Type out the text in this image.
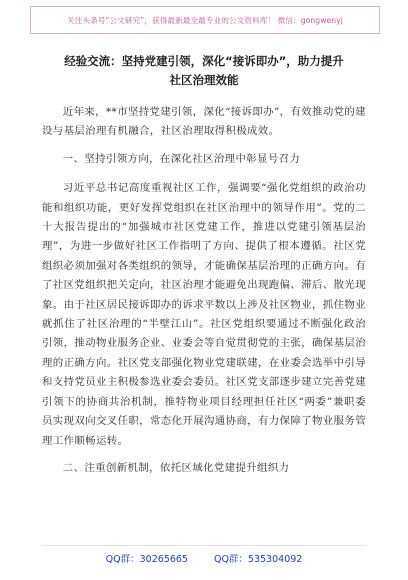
关注头条号“公文研究”，获得最新最全最专业的公文资料库！ 微信：gongwenyj
经验交流：坚持党建引领，深化“接诉即办”，助力提升
社区治理效能

近年来，**市坚持党建引领，深化“接诉即办”，有效推动党的建设与基层治理有机融合，社区治理取得积极成效。

一、坚持引领方向，在深化社区治理中彰显号召力

习近平总书记高度重视社区工作，强调要“强化党组织的政治功能和组织功能，更好发挥党组织在社区治理中的领导作用”。党的二十大报告提出的“加强城市社区党建工作，推进以党建引领基层治理”，为进一步做好社区工作指明了方向、提供了根本遵循。社区党组织必须加强对各类组织的领导，才能确保基层治理的正确方向。有了社区党组织把关定向，社区治理才能避免出现跑偏、滞后、散光现象。由于社区居民接诉即办的诉求平数以上涉及社区物业，抓住物业就抓住了社区治理的“半壁江山”。社区党组织要通过不断强化政治引领，推动物业服务企业、业委会等自觉贯彻党的主张，确保基层治理的正确方向。社区党支部强化物业党建联建，在业委会选举中引导和支持党员业主积极参选业委会委员。社区党支部逐步建立完善党建引领下的协商共治机制，推特物业项目经理担任社区“两委”兼职委员实现双向交叉任职，常态化开展沟通协商，有力保障了物业服务管理工作顺畅运转。

二、注重创新机制，依托区域化党建提升组织力

QQ群：30265665	QQ群：535304092
